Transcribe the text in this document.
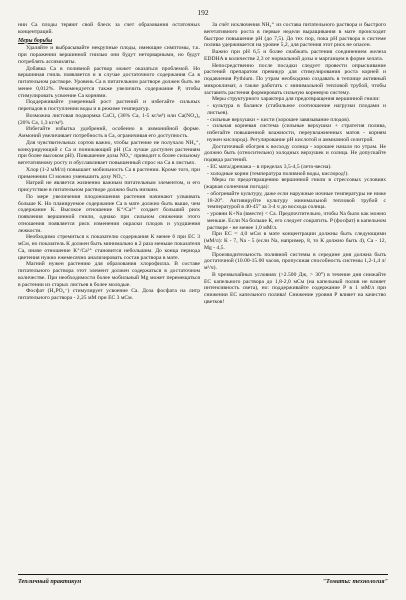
192

нии Са плоды теряют свой блеск за счет образования остаточных концентраций.

Меры борьбы

Удаляйте и выбрасывайте некрупные плоды, имеющие симптомы, т.к. при поражении вершинной гнилью они будут неторварными, но будут потреблять ассимиляты.

Добавка Са в поливной раствор может оказаться проблемой. Но вершинная гниль появляется и в случае достаточного содержания Са в питательном растворе. Уровень Са в питательном растворе должен быть не менее 0,012%. Рекомендуется также увеличить содержание Р, чтобы стимулировать усвоение Са корнями.

Поддерживайте умеренный рост растений и избегайте сильных перепадов в поступлении воды и в режиме температур.

Возможна листовая подкормка CaCl₂ (36% Са, 1-5 кг/м³) или Ca(NO₃)₂ (20% Са, 1,3 кг/м³).

Избегайте избытка удобрений, особенно в аммонийной форме. Аммоний увеличивает потребность в Са, ограничивая его доступность.

Для чувствительных сортов важно, чтобы растение не получало NH₄⁺, конкурирующий с Са и понижающий pH (Са лучше доступен растениям при более высоком pH). Повышение дозы NO₃⁻ приводит к более сильному вегетативному росту и обуславливает повышенный спрос на Са в листьях.

Хлор (1-2 мМ/л) повышает мобильность Са в растении. Кроме того, при применении Cl можно уменьшить дозу NO₃⁻.

Натрий не является жизненно важным питательным элементом, и его присутствие в питательном растворе должно быть низким.

По мере увеличения плодоношения растения начинают усваивать больше К. Но планируемое содержание Са в мате должно быть выше, чем содержание К. Высокое отношение К⁺/Са²⁺ создает больший риск появления вершинной гнили, однако при сильном снижении этого отношения появляется риск изменения окраски плодов и ухудшения лежкости.

Необходимо стремиться к показателю содержания К менее 6 при ЕС 3 мСм, но показатель К должен быть минимально в 2 раза меньше показателя Са, иначе отношение К⁺/Са²⁺ становится небольшим. До конца периода цветения нужно ежемесячно анализировать состав раствора в мате.

Магний нужен растению для образования хлорофилла. В составе питательного раствора этот элемент должен содержаться в достаточном количестве. При необходимости более мобильный Mg может перемещаться в растении из старых листьев в более молодые.

Фосфат (H₂PO₄⁻) стимулирует усвоение Са. Доза фосфата на литр питательного раствора - 2,25 мМ при ЕС 3 мСм.

За счёт исключения NH₄⁺ из состава питательного раствора и быстрого вегетативного роста в первые недели выращивания в мате происходит быстрое повышение pH (до 7,5). До тех пор, пока pH раствора в системе полива удерживается на уровне 5,2, для растения этот риск не опасен.

Важно при pH 6,5 и более снабжать растения соединением железа EDDHA в количестве 2,3 от нормальной дозы и марганцем в форме хелата.

Непосредственно после посадки следует провести опрыскивание растений препаратом превикур для стимулирования роста корней и подавления Pythium. По утрам необходимо создавать в теплице активный микроклимат, а также работать с минимальной тепловой трубой, чтобы заставить растения формировать сильную корневую систему.

Меры структурного характера для предотвращения вершинной гнили:

- культура в балансе (стабильное соотношение нагрузки плодами и листьев).
- сильные верхушки + кисти (хорошее завязывание плодов).
- сильная корневая система (сильные верхушки + стратегия полива, избегайте повышенной влажности, переувлажненных матов - корням нужен кислород). Регулирование pH кислотой и аммиачной селитрой.

Достаточный обогрев к восходу солнца - хорошее начало по утрам. Не должно быть (относительно) холодных верхушек и солнца. Не допускайте подвяда растений.

- ЕС мата/дренажа – в пределах 3,5-4,5 (лето-весна).
- холодные корни (температура поливной воды, кислород!).

Меры по предотвращению вершинной гнили в стрессовых условиях (жаркая солнечная погода):

- обогревайте культуру, даже если наружные ночные температуры не ниже 18-20°. Активируйте культуру минимальной тепловой трубой с температурой в 40-45° за 3-4 ч до восхода солнца.
- уровни К+Na (вместе) < Са. Предпочтительно, чтобы Na было как можно меньше. Если Na больше К, его следует сократить. P (фосфат) в капельном растворе - не менее 1,0 мМ/л.

При ЕС = 4,0 мСм в мате концентрации должны быть следующими (мМ/л): К - 7, Na - 5 (если Na, например, 8, то К должно быть 4), Са - 12, Mg - 4,5.

Производительность поливной системы в середине дня должна быть достаточной (10.00-15.00 часов, пропускная способность системы 1,2-1,4 л/м²/ч).

В чрезвычайных условиях (>2.500 Дж, > 30°) в течение дня снижайте ЕС капельного раствора до 1,8-2,0 мСм (на капельный полив не влияет интенсивность света), но: поддерживайте содержание Р в 1 мМ/л при снижении ЕС капельного полива! Снижение уровня Р влияет на качество цветков!

Тепличный практикум	"Томаты: технология"
